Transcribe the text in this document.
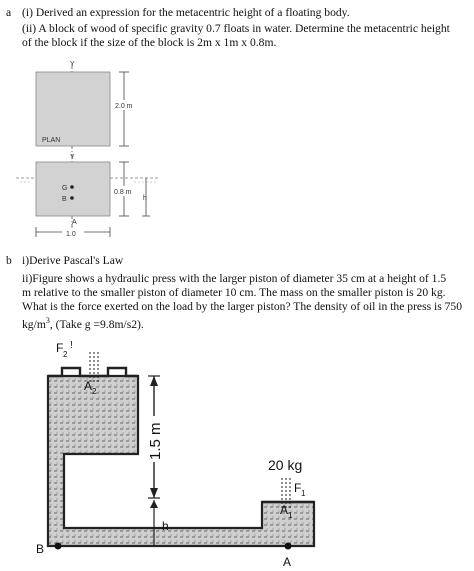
a (i) Derived an expression for the metacentric height of a floating body.
(ii) A block of wood of specific gravity 0.7 floats in water. Determine the metacentric height
of the block if the size of the block is 2m x 1m x 0.8m.
Y
PLAN
2.0 m
Y
G
B
A
0.8 m
h
1.0
b i)Derive Pascal's Law
ii)Figure shows a hydraulic press with the larger piston of diameter 35 cm at a height of 1.5
m relative to the smaller piston of diameter 10 cm. The mass on the smaller piston is 20 kg.
What is the force exerted on the load by the larger piston? The density of oil in the press is 750
$kg/m^3$, (Take g =9.8m/s2).
F 2
!
A 2
1.5 m
h
20 kg
F 1
A 1
B
A
